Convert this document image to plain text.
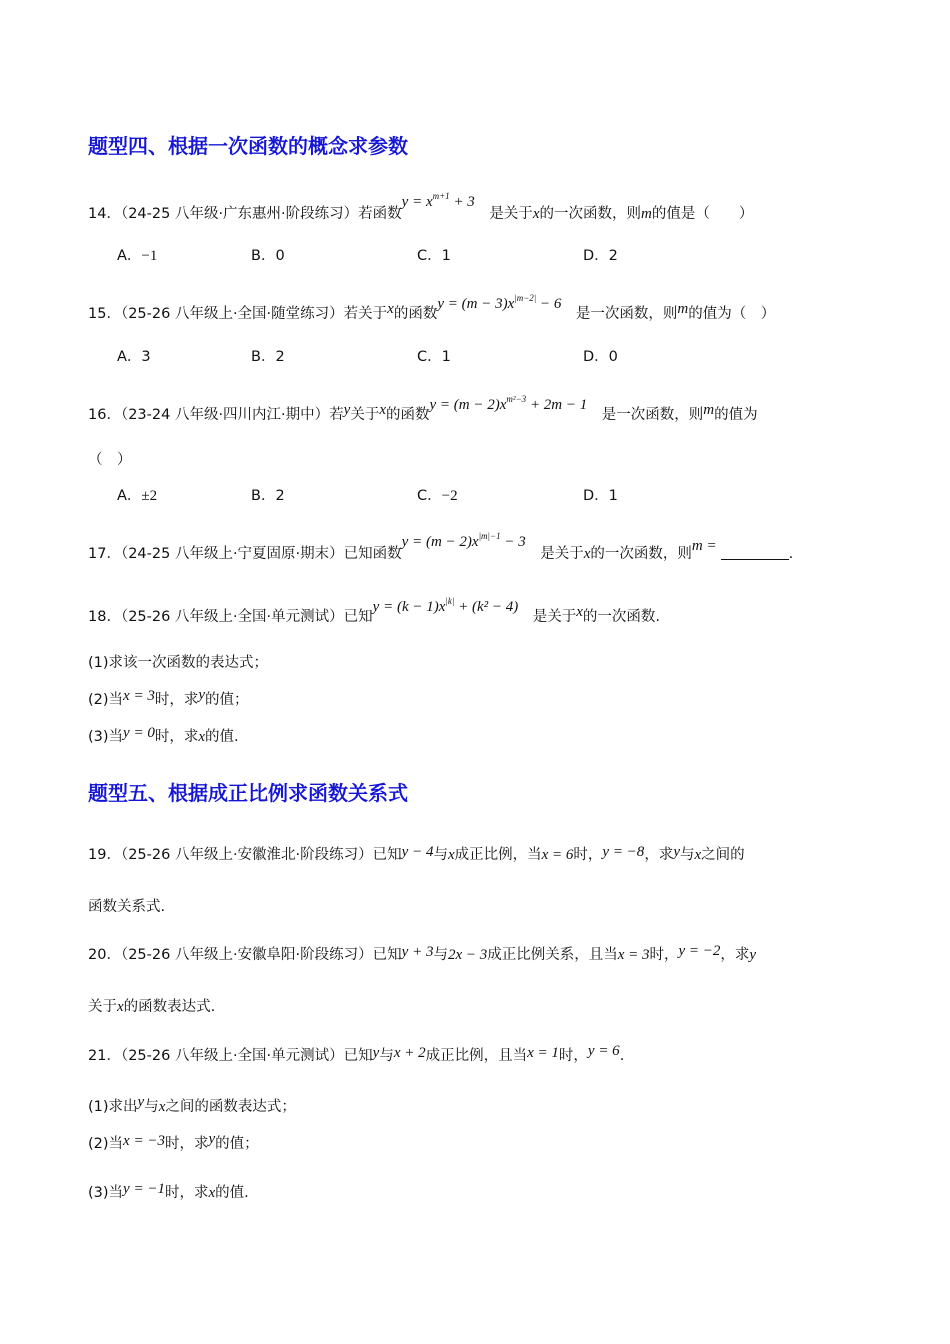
题型四、根据一次函数的概念求参数
14．（24-25 八年级·广东惠州·阶段练习）若函数$y = x^{m+1} + 3$　是关于x的一次函数，则m的值是（　　）
A．−1	B．0	C．1	D．2
15．（25-26 八年级上·全国·随堂练习）若关于x的函数$y = (m - 3)x^{|m-2|} - 6$　是一次函数，则m的值为（　）
A．3	B．2	C．1	D．0
16．（23-24 八年级·四川内江·期中）若y关于x的函数$y = (m - 2)x^{m^2-3} + 2m - 1$　是一次函数，则m的值为
（　）
A．±2	B．2	C．−2	D．1
17．（24-25 八年级上·宁夏固原·期末）已知函数$y = (m - 2)x^{|m|-1} - 3$　是关于x的一次函数，则m =	.
18．（25-26 八年级上·全国·单元测试）已知$y = (k - 1)x^{|k|} + (k^2 - 4)$　是关于x的一次函数.
(1)求该一次函数的表达式；
(2)当x = 3时，求y的值；
(3)当y = 0时，求x的值.
题型五、根据成正比例求函数关系式
19．（25-26 八年级上·安徽淮北·阶段练习）已知y − 4与x成正比例，当x = 6时，y = −8，求y与x之间的
函数关系式.
20．（25-26 八年级上·安徽阜阳·阶段练习）已知y + 3与2x − 3成正比例关系，且当x = 3时，y = −2，求y
关于x的函数表达式.
21．（25-26 八年级上·全国·单元测试）已知y与x + 2成正比例，且当x = 1时，y = 6.
(1)求出y与x之间的函数表达式；
(2)当x = −3时，求y的值；
(3)当y = −1时，求x的值.
